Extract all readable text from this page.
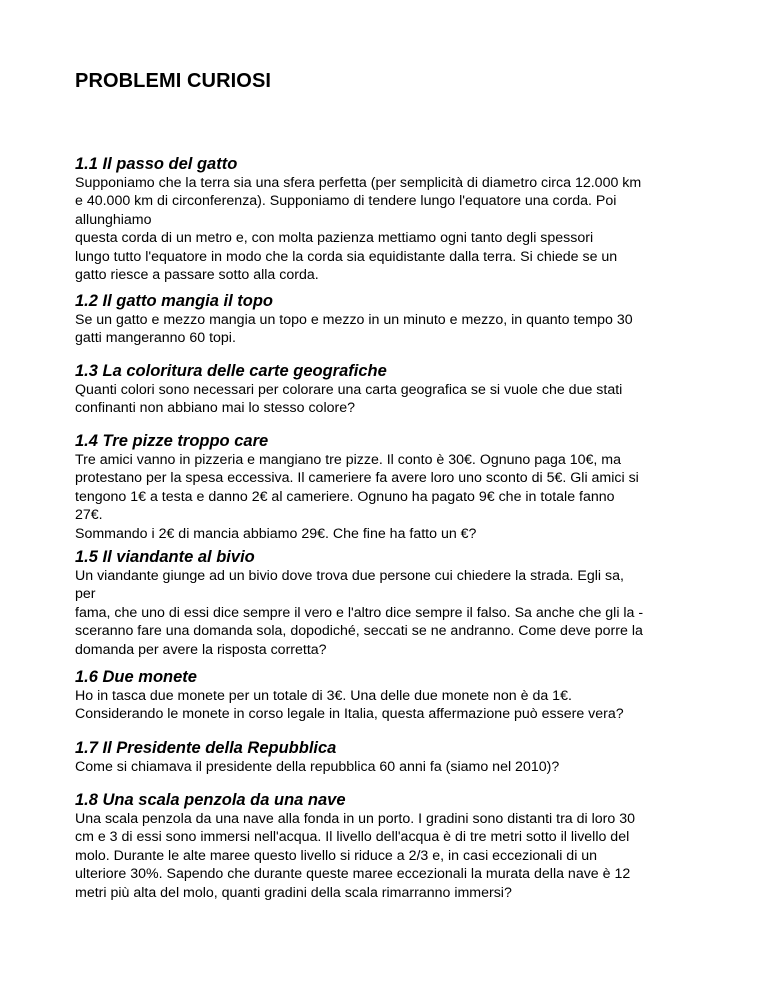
PROBLEMI CURIOSI
1.1 Il passo del gatto

Supponiamo che la terra sia una sfera perfetta (per semplicità di diametro circa 12.000 km
e 40.000 km di circonferenza). Supponiamo di tendere lungo l'equatore una corda. Poi
allunghiamo
questa corda di un metro e, con molta pazienza mettiamo ogni tanto degli spessori
lungo tutto l'equatore in modo che la corda sia equidistante dalla terra. Si chiede se un
gatto riesce a passare sotto alla corda.

1.2 Il gatto mangia il topo

Se un gatto e mezzo mangia un topo e mezzo in un minuto e mezzo, in quanto tempo 30
gatti mangeranno 60 topi.

1.3 La coloritura delle carte geografiche

Quanti colori sono necessari per colorare una carta geografica se si vuole che due stati
confinanti non abbiano mai lo stesso colore?

1.4 Tre pizze troppo care

Tre amici vanno in pizzeria e mangiano tre pizze. Il conto è 30€. Ognuno paga 10€, ma
protestano per la spesa eccessiva. Il cameriere fa avere loro uno sconto di 5€. Gli amici si
tengono 1€ a testa e danno 2€ al cameriere. Ognuno ha pagato 9€ che in totale fanno
27€.
Sommando i 2€ di mancia abbiamo 29€. Che fine ha fatto un €?

1.5 Il viandante al bivio

Un viandante giunge ad un bivio dove trova due persone cui chiedere la strada. Egli sa,
per
fama, che uno di essi dice sempre il vero e l'altro dice sempre il falso. Sa anche che gli la -
sceranno fare una domanda sola, dopodiché, seccati se ne andranno. Come deve porre la
domanda per avere la risposta corretta?

1.6 Due monete

Ho in tasca due monete per un totale di 3€. Una delle due monete non è da 1€.
Considerando le monete in corso legale in Italia, questa affermazione può essere vera?

1.7 Il Presidente della Repubblica

Come si chiamava il presidente della repubblica 60 anni fa (siamo nel 2010)?

1.8 Una scala penzola da una nave

Una scala penzola da una nave alla fonda in un porto. I gradini sono distanti tra di loro 30
cm e 3 di essi sono immersi nell'acqua. Il livello dell'acqua è di tre metri sotto il livello del
molo. Durante le alte maree questo livello si riduce a 2/3 e, in casi eccezionali di un
ulteriore 30%. Sapendo che durante queste maree eccezionali la murata della nave è 12
metri più alta del molo, quanti gradini della scala rimarranno immersi?
